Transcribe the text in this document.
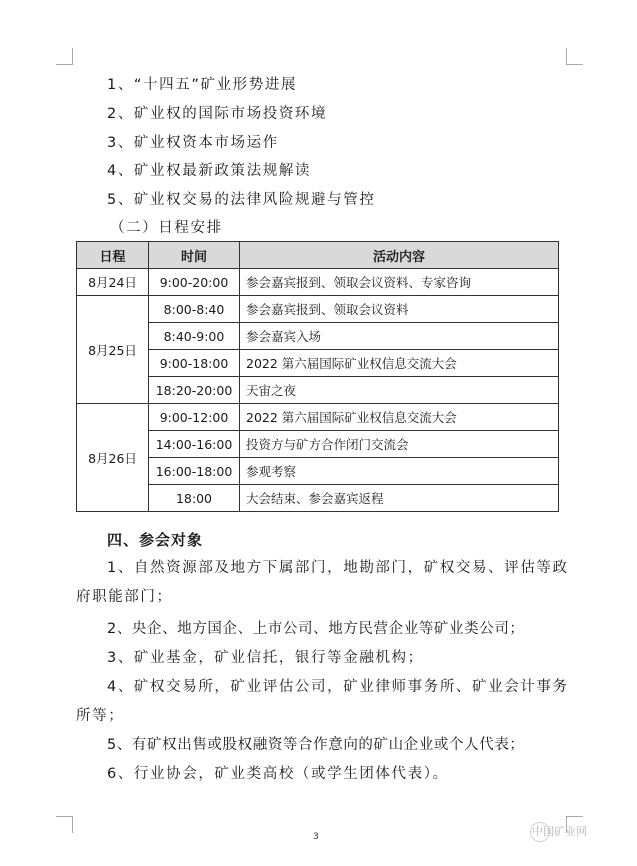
1、“十四五”矿业形势进展
2、矿业权的国际市场投资环境
3、矿业权资本市场运作
4、矿业权最新政策法规解读
5、矿业权交易的法律风险规避与管控
（二）日程安排
日程	时间	活动内容
8月24日	9:00-20:00	参会嘉宾报到、领取会议资料、专家咨询
8月25日	8:00-8:40	参会嘉宾报到、领取会议资料
	8:40-9:00	参会嘉宾入场
	9:00-18:00	2022 第六届国际矿业权信息交流大会
	18:20-20:00	天宙之夜
8月26日	9:00-12:00	2022 第六届国际矿业权信息交流大会
	14:00-16:00	投资方与矿方合作闭门交流会
	16:00-18:00	参观考察
	18:00	大会结束、参会嘉宾返程
四、参会对象
1、自然资源部及地方下属部门，地勘部门，矿权交易、评估等政
府职能部门；
2、央企、地方国企、上市公司、地方民营企业等矿业类公司；
3、矿业基金，矿业信托，银行等金融机构；
4、矿权交易所，矿业评估公司，矿业律师事务所、矿业会计事务
所等；
5、有矿权出售或股权融资等合作意向的矿山企业或个人代表；
6、行业协会，矿业类高校（或学生团体代表）。
3	中国矿业网
